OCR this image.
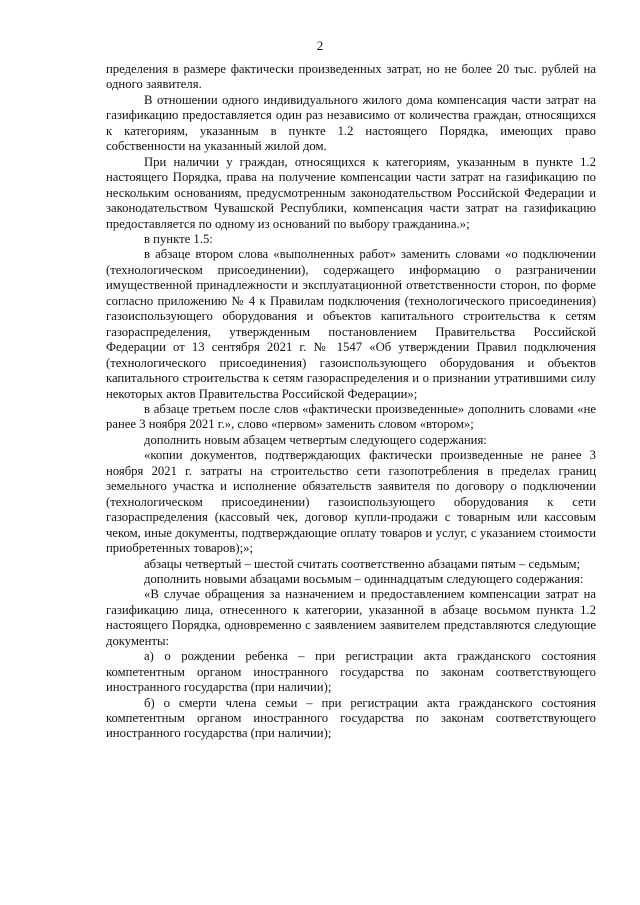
2

пределения в размере фактически произведенных затрат, но не более 20 тыс. рублей на одного заявителя.

В отношении одного индивидуального жилого дома компенсация части затрат на газификацию предоставляется один раз независимо от количества граждан, относящихся к категориям, указанным в пункте 1.2 настоящего Порядка, имеющих право собственности на указанный жилой дом.

При наличии у граждан, относящихся к категориям, указанным в пункте 1.2 настоящего Порядка, права на получение компенсации части затрат на газификацию по нескольким основаниям, предусмотренным законодательством Российской Федерации и законодательством Чувашской Республики, компенсация части затрат на газификацию предоставляется по одному из оснований по выбору гражданина.»;

в пункте 1.5:

в абзаце втором слова «выполненных работ» заменить словами «о подключении (технологическом присоединении), содержащего информацию о разграничении имущественной принадлежности и эксплуатационной ответственности сторон, по форме согласно приложению № 4 к Правилам подключения (технологического присоединения) газоиспользующего оборудования и объектов капитального строительства к сетям газораспределения, утвержденным постановлением Правительства Российской Федерации от 13 сентября 2021 г. № 1547 «Об утверждении Правил подключения (технологического присоединения) газоиспользующего оборудования и объектов капитального строительства к сетям газораспределения и о признании утратившими силу некоторых актов Правительства Российской Федерации»;

в абзаце третьем после слов «фактически произведенные» дополнить словами «не ранее 3 ноября 2021 г.», слово «первом» заменить словом «втором»;

дополнить новым абзацем четвертым следующего содержания:

«копии документов, подтверждающих фактически произведенные не ранее 3 ноября 2021 г. затраты на строительство сети газопотребления в пределах границ земельного участка и исполнение обязательств заявителя по договору о подключении (технологическом присоединении) газоиспользующего оборудования к сети газораспределения (кассовый чек, договор купли-продажи с товарным или кассовым чеком, иные документы, подтверждающие оплату товаров и услуг, с указанием стоимости приобретенных товаров);»;

абзацы четвертый – шестой считать соответственно абзацами пятым – седьмым;

дополнить новыми абзацами восьмым – одиннадцатым следующего содержания:

«В случае обращения за назначением и предоставлением компенсации затрат на газификацию лица, отнесенного к категории, указанной в абзаце восьмом пункта 1.2 настоящего Порядка, одновременно с заявлением заявителем представляются следующие документы:

а) о рождении ребенка – при регистрации акта гражданского состояния компетентным органом иностранного государства по законам соответствующего иностранного государства (при наличии);

б) о смерти члена семьи – при регистрации акта гражданского состояния компетентным органом иностранного государства по законам соответствующего иностранного государства (при наличии);
